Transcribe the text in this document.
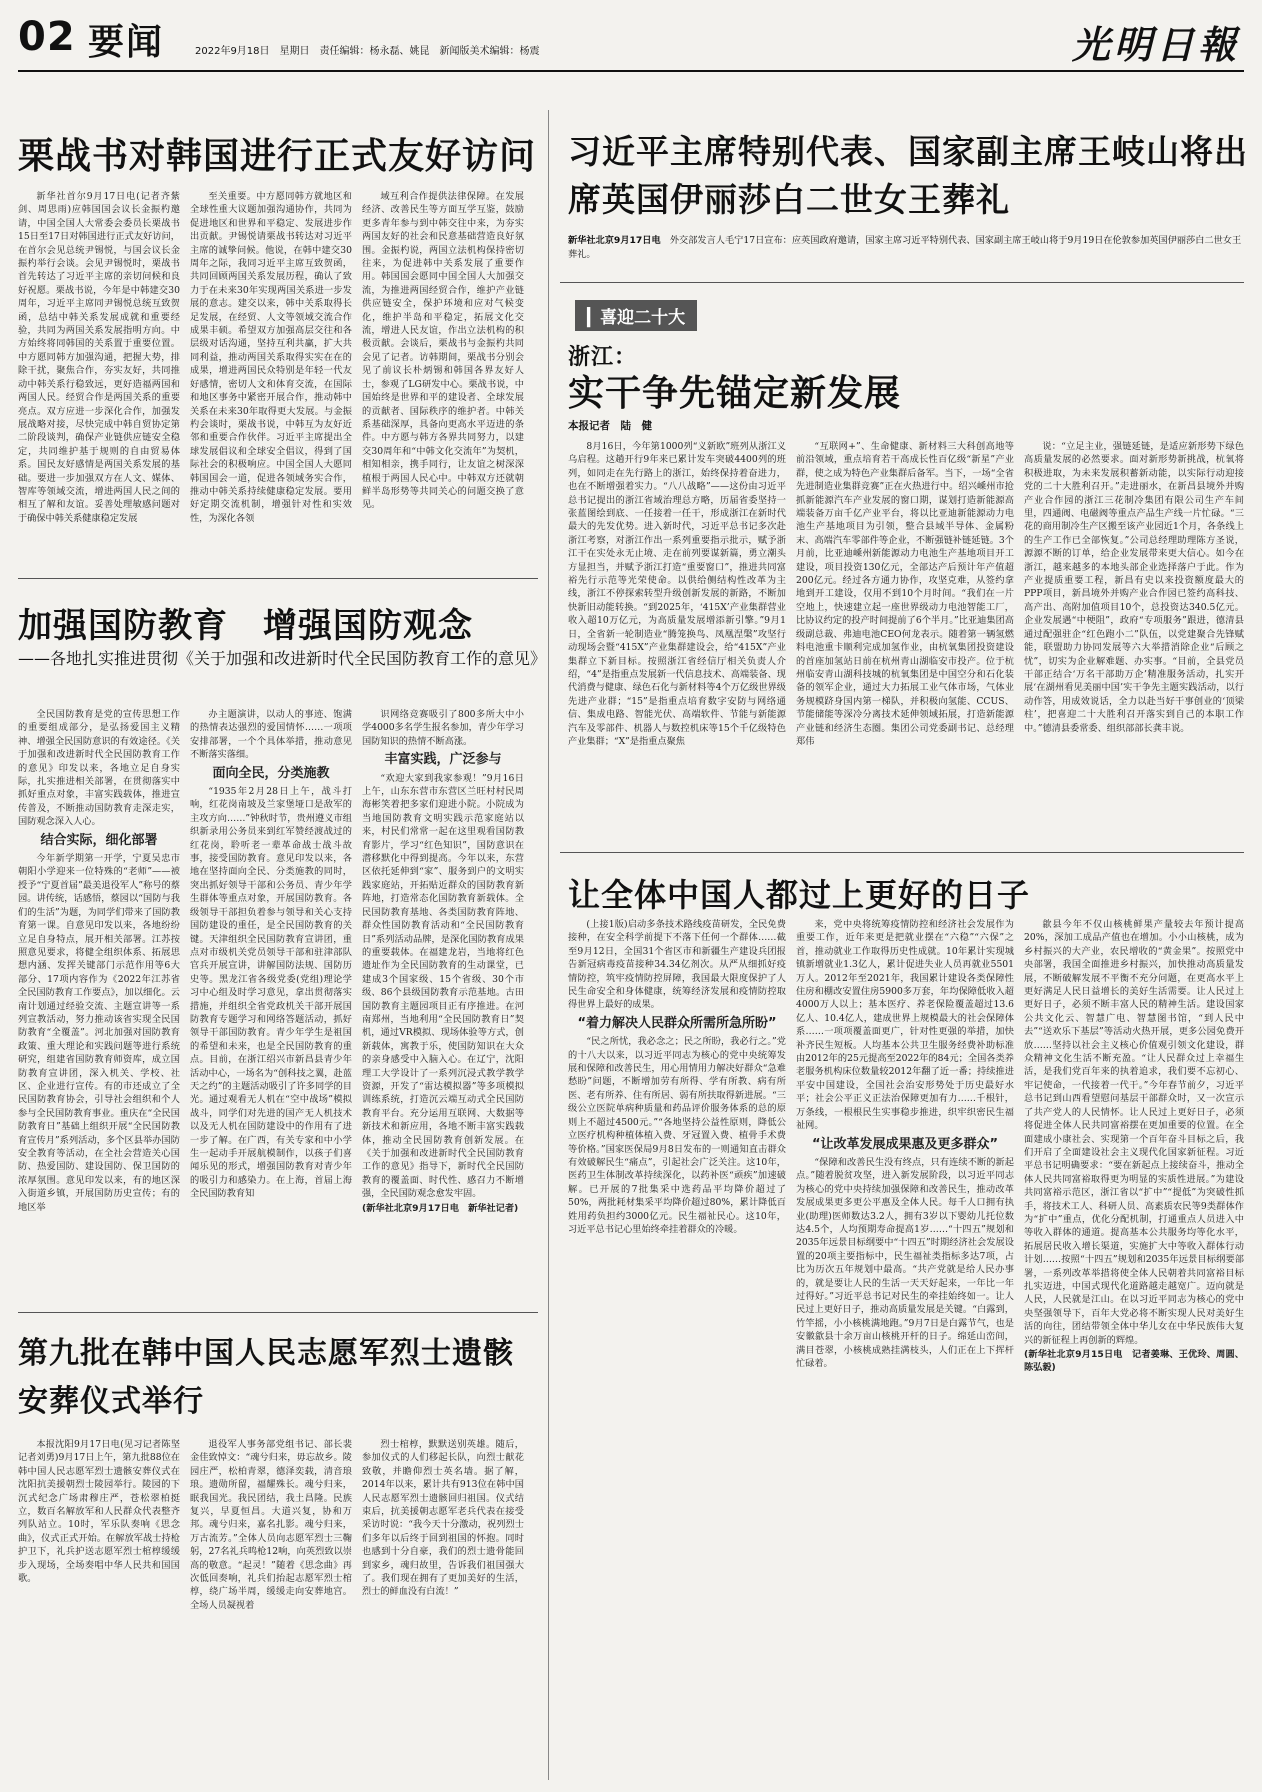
02 要闻	2022年9月18日　星期日　责任编辑：杨永磊、姚昆　新闻版美术编辑：杨震	光明日報
栗战书对韩国进行正式友好访问

新华社首尔9月17日电(记者齐紫剑、周思雨)应韩国国会议长金振杓邀请，中国全国人大常委会委员长栗战书15日至17日对韩国进行正式友好访问，在首尔会见总统尹锡悦，与国会议长金振杓举行会谈。会见尹锡悦时，栗战书首先转达了习近平主席的亲切问候和良好祝愿。栗战书说，今年是中韩建交30周年，习近平主席同尹锡悦总统互致贺函，总结中韩关系发展成就和重要经验，共同为两国关系发展指明方向。中方始终将同韩国的关系置于重要位置。中方愿同韩方加强沟通，把握大势，排除干扰，聚焦合作，夯实友好，共同推动中韩关系行稳致远，更好造福两国和两国人民。经贸合作是两国关系的重要亮点。双方应进一步深化合作，加强发展战略对接，尽快完成中韩自贸协定第二阶段谈判，确保产业链供应链安全稳定，共同维护基于规则的自由贸易体系。国民友好感情是两国关系发展的基础。要进一步加强双方在人文、媒体、智库等领域交流，增进两国人民之间的相互了解和友谊。妥善处理敏感问题对于确保中韩关系健康稳定发展

至关重要。中方愿同韩方就地区和全球性重大议题加强沟通协作，共同为促进地区和世界和平稳定、发展进步作出贡献。尹锡悦请栗战书转达对习近平主席的诚挚问候。他说，在韩中建交30周年之际，我同习近平主席互致贺函，共同回顾两国关系发展历程，确认了致力于在未来30年实现两国关系进一步发展的意志。建交以来，韩中关系取得长足发展，在经贸、人文等领域交流合作成果丰硕。希望双方加强高层交往和各层级对话沟通，坚持互利共赢，扩大共同利益，推动两国关系取得实实在在的成果，增进两国民众特别是年轻一代友好感情，密切人文和体育交流，在国际和地区事务中紧密开展合作，推动韩中关系在未来30年取得更大发展。与金振杓会谈时，栗战书说，中韩互为友好近邻和重要合作伙伴。习近平主席提出全球发展倡议和全球安全倡议，得到了国际社会的积极响应。中国全国人大愿同韩国国会一道，促进各领域务实合作，推动中韩关系持续健康稳定发展。要用好定期交流机制，增强针对性和实效性，为深化各领

域互利合作提供法律保障。在发展经济、改善民生等方面互学互鉴，鼓励更多青年参与到中韩交往中来，为夯实两国友好的社会和民意基础营造良好氛围。金振杓说，两国立法机构保持密切往来，为促进韩中关系发展了重要作用。韩国国会愿同中国全国人大加强交流，为推进两国经贸合作，维护产业链供应链安全，保护环境和应对气候变化，维护半岛和平稳定，拓展文化交流，增进人民友谊，作出立法机构的积极贡献。会谈后，栗战书与金振杓共同会见了记者。访韩期间，栗战书分别会见了前议长朴炳锡和韩国各界友好人士，参观了LG研发中心。栗战书说，中国始终是世界和平的建设者、全球发展的贡献者、国际秩序的维护者。中韩关系基础深厚，具备向更高水平迈进的条件。中方愿与韩方各界共同努力，以建交30周年和“中韩文化交流年”为契机，相知相亲，携手同行，让友谊之树深深植根于两国人民心中。中韩双方还就朝鲜半岛形势等共同关心的问题交换了意见。

习近平主席特别代表、国家副主席王岐山将出席英国伊丽莎白二世女王葬礼
新华社北京9月17日电　 外交部发言人毛宁17日宣布：应英国政府邀请，国家主席习近平特别代表、国家副主席王岐山将于9月19日在伦敦参加英国伊丽莎白二世女王葬礼。
▎喜迎二十大
浙江：
实干争先锚定新发展
本报记者　陆　健

8月16日，今年第1000列“义新欧”班列从浙江义乌启程。这趟开行9年来已累计发车突破4400列的班列，如同走在先行路上的浙江，始终保持着奋进力，也在不断增强着实力。“八八战略”——这份由习近平总书记提出的浙江省域治理总方略，历届省委坚持一张蓝图绘到底、一任接着一任干，形成浙江在新时代最大的先发优势。进入新时代，习近平总书记多次赴浙江考察，对浙江作出一系列重要指示批示，赋予浙江干在实处永无止境、走在前列要谋新篇，勇立潮头方显担当，并赋予浙江打造“重要窗口”，推进共同富裕先行示范等光荣使命。以供给侧结构性改革为主线，浙江不停探索转型升级创新发展的新路，不断加快新旧动能转换。“到2025年，‘415X’产业集群营业收入超10万亿元，为高质量发展增添新引擎。”9月1日，全省新一轮制造业“腾笼换鸟、凤凰涅槃”攻坚行动现场会暨“415X”产业集群建设会，给“415X”产业集群立下新目标。按照浙江省经信厅相关负责人介绍，“4”是指重点发展新一代信息技术、高端装备、现代消费与健康、绿色石化与新材料等4个万亿级世界级先进产业群；“15”是指重点培育数字安防与网络通信、集成电路、智能光伏、高端软件、节能与新能源汽车及零部件、机器人与数控机床等15个千亿级特色产业集群；“X”是指重点聚焦

“互联网+”、生命健康、新材料三大科创高地等前沿领域，重点培育若干高成长性百亿级“新星”产业群，使之成为特色产业集群后备军。当下，一场“全省先进制造业集群竞赛”正在火热进行中。绍兴嵊州市抢抓新能源汽车产业发展的窗口期，谋划打造新能源高端装备万亩千亿产业平台，将以比亚迪新能源动力电池生产基地项目为引领，整合县域半导体、金属粉末、高端汽车零部件等企业，不断强链补链延链。3个月前，比亚迪嵊州新能源动力电池生产基地项目开工建设，项目投资130亿元，全部达产后预计年产值超200亿元。经过各方通力协作，攻坚克难，从签约拿地到开工建设，仅用不到10个月时间。“我们在一片空地上，快速建立起一座世界级动力电池智能工厂，比协议约定的投产时间提前了6个半月。”比亚迪集团高级副总裁、弗迪电池CEO何龙表示。随着第一辆氢燃料电池重卡顺利完成加氢作业，由杭氧集团投资建设的首座加氢站日前在杭州青山湖临安市投产。位于杭州临安青山湖科技城的杭氧集团是中国空分和石化装备的领军企业，通过大力拓展工业气体市场，气体业务规模跻身国内第一梯队，并积极向氢能、CCUS、节能储能等深冷分离技术延伸领域拓展，打造新能源产业链和经济生态圈。集团公司党委副书记、总经理郑伟

说：“立足主业，强链延链，是适应新形势下绿色高质量发展的必然要求。面对新形势新挑战，杭氧将积极进取，为未来发展积蓄新动能，以实际行动迎接党的二十大胜利召开。”走进丽水，在新昌县境外并购产业合作园的浙江三花制冷集团有限公司生产车间里，四通阀、电磁阀等重点产品生产线一片忙碌。“三花的商用制冷生产区搬至该产业园近1个月，各条线上的生产工作已全部恢复。”公司总经理助理陈方圣说，源源不断的订单，给企业发展带来更大信心。如今在浙江，越来越多的本地头部企业选择落户于此。作为产业提质重要工程，新昌有史以来投资额度最大的PPP项目，新昌境外并购产业合作园已签约高科技、高产出、高附加值项目10个，总投资达340.5亿元。企业发展遇“中梗阻”，政府“专项服务”跟进，德清县通过配强驻企“红色跑小二”队伍，以党建聚合先锋赋能，联盟助力协同发展等六大举措消除企业“后顾之忧”，切实为企业解难题、办实事。“目前，全县党员干部正结合‘万名干部助万企’精准服务活动，扎实开展‘在湖州看见美丽中国’实干争先主题实践活动，以行动作答，用成效说话，全力以赴当好干事创业的‘顶梁柱’，把喜迎二十大胜利召开落实到自己的本职工作中。”德清县委常委、组织部部长龚丰说。

加强国防教育　增强国防观念
——各地扎实推进贯彻《关于加强和改进新时代全民国防教育工作的意见》

全民国防教育是党的宣传思想工作的重要组成部分，是弘扬爱国主义精神、增强全民国防意识的有效途径。《关于加强和改进新时代全民国防教育工作的意见》印发以来，各地立足自身实际，扎实推进相关部署，在贯彻落实中抓好重点对象，丰富实践载体，推进宣传普及，不断推动国防教育走深走实，国防观念深入人心。

结合实际，细化部署

今年新学期第一开学，宁夏吴忠市朝阳小学迎来一位特殊的“老师”——被授予“宁夏首届”最美退役军人”称号的蔡园。讲传统，话感悟，蔡园以“国防与我们的生活”为题，为同学们带来了国防教育第一课。自意见印发以来，各地纷纷立足自身特点，展开相关部署。江苏按照意见要求，将健全组织体系、拓展思想内涵、发挥关键部门示范作用等6大部分、17项内容作为《2022年江苏省全民国防教育工作要点》，加以细化。云南计划通过经验交流、主题宣讲等一系列宣教活动，努力推动该省实现全民国防教育“全覆盖”。河北加强对国防教育政策、重大理论和实践问题等进行系统研究，组建省国防教育师资库，成立国防教育宣讲团，深入机关、学校、社区、企业进行宣传。有的市还成立了全民国防教育协会，引导社会组织和个人参与全民国防教育事业。重庆在“全民国防教育日”基础上组织开展“全民国防教育宣传月”系列活动，多个区县举办国防安全教育等活动，在全社会营造关心国防、热爱国防、建设国防、保卫国防的浓厚氛围。意见印发以来，有的地区深入街道乡镇，开展国防历史宣传；有的地区举

办主题演讲，以动人的事迹、饱满的热情表达强烈的爱国情怀……一项项安排部署，一个个具体举措，推动意见不断落实落细。

面向全民，分类施教

“1935年2月28日上午，战斗打响，红花岗南坡及兰家堡垭口是敌军的主攻方向……”钟秋时节，贵州遵义市组织新录用公务员来到红军赞经渡战过的红花岗，聆听老一辈革命战士战斗故事，接受国防教育。意见印发以来，各地在坚持面向全民、分类施教的同时，突出抓好领导干部和公务员、青少年学生群体等重点对象，开展国防教育。各级领导干部担负着参与领导和关心支持国防建设的重任，是全民国防教育的关键。天津组织全民国防教育宣讲团，重点对市级机关党员领导干部和驻津部队官兵开展宣讲，讲解国防法规、国防历史等。黑龙江省各级党委(党组)理论学习中心组及时学习意见，拿出贯彻落实措施，并组织全省党政机关干部开展国防教育专题学习和网络答题活动，抓好领导干部国防教育。青少年学生是祖国的希望和未来，也是全民国防教育的重点。目前，在浙江绍兴市新昌县青少年活动中心，一场名为“创科技之翼，赴蓝天之约”的主题活动吸引了许多同学的目光。通过观看无人机在“空中战场”模拟战斗，同学们对先进的国产无人机技术以及无人机在国防建设中的作用有了进一步了解。在广西，有关专家和中小学生一起动手开展航模制作，以孩子们喜闻乐见的形式，增强国防教育对青少年的吸引力和感染力。在上海，首届上海全民国防教育知

识网络竞赛吸引了800多所大中小学4000多名学生报名参加，青少年学习国防知识的热情不断高涨。

丰富实践，广泛参与

“欢迎大家到我家参观！”9月16日上午，山东东营市东营区兰旺村村民周海彬笑着把多家们迎进小院。小院成为当地国防教育文明实践示范家庭站以来，村民们常常一起在这里观看国防教育影片，学习“红色知识”，国防意识在潜移默化中得到提高。今年以来，东营区依托延伸到“家”、服务到户的文明实践家庭站，开拓贴近群众的国防教育新阵地，打造常态化国防教育新载体。全民国防教育基地、各类国防教育阵地、群众性国防教育活动和“全民国防教育日”系列活动品牌，是深化国防教育成果的重要载体。在福建龙岩，当地将红色遗址作为全民国防教育的生动课堂，已建成3个国家级、15个省级、30个市级、86个县级国防教育示范基地。古田国防教育主题园项目正有序推进。在河南郑州，当地利用“全民国防教育日”契机，通过VR模拟、现场体验等方式，创新载体，寓教于乐，使国防知识在大众的亲身感受中入脑入心。在辽宁，沈阳理工大学设计了一系列沉浸式教学教学资源，开发了“雷达模拟器”等多项模拟训练系统，打造沉云端互动式全民国防教育平台。充分运用互联网、大数据等新技术和新应用，各地不断丰富实践载体，推动全民国防教育创新发展。在《关于加强和改进新时代全民国防教育工作的意见》指导下，新时代全民国防教育的覆盖面、时代性、感召力不断增强，全民国防观念愈发牢固。

(新华社北京9月17日电　新华社记者)

让全体中国人都过上更好的日子

(上接1版)启动多条技术路线疫苗研发，全民免费接种，在安全科学前提下不落下任何一个群体……截至9月12日，全国31个省区市和新疆生产建设兵团报告新冠病毒疫苗接种34.34亿剂次。从严从细抓好疫情防控，筑牢疫情防控屏障，我国最大限度保护了人民生命安全和身体健康，统筹经济发展和疫情防控取得世界上最好的成果。

“着力解决人民群众所需所急所盼”

“民之所忧，我必念之；民之所盼，我必行之。”党的十八大以来，以习近平同志为核心的党中央统筹发展和保障和改善民生，用心用情用力解决好群众“急难愁盼”问题，不断增加劳有所得、学有所教、病有所医、老有所养、住有所居、弱有所扶取得新进展。“三级公立医院单病种质量和药品评价服务体系的总的原则上不超过4500元。”“各地坚持公益性原则，降低公立医疗机构种植体植入费、牙冠置入费、植骨手术费等价格。”国家医保局9月8日发布的一则通知直击群众有效破解民生“痛点”，引起社会广泛关注。这10年，医药卫生体制改革持续深化，以药补医“顽疾”加速破解。已开展的7批集采中选药品平均降价超过了50%，两批耗材集采平均降价超过80%，累计降低百姓用药负担约3000亿元。民生福祉民心。这10年，习近平总书记心里始终牵挂着群众的冷暖。

来，党中央将统筹疫情防控和经济社会发展作为重要工作，近年来更是把就业摆在“六稳”“六保”之首，推动就业工作取得历史性成就。10年累计实现城镇新增就业1.3亿人，累计促进失业人员再就业5501万人。2012年至2021年，我国累计建设各类保障性住房和棚改安置住房5900多万套，年均保障低收入超4000万人以上；基本医疗、养老保险覆盖超过13.6亿人、10.4亿人，建成世界上规模最大的社会保障体系……一项项覆盖面更广，针对性更强的举措，加快补齐民生短板。人均基本公共卫生服务经费补助标准由2012年的25元提高至2022年的84元；全国各类养老服务机构床位数量较2012年翻了近一番；持续推进平安中国建设，全国社会治安形势处于历史最好水平；社会公平正义正法治保障更加有力……千根针，万条线，一根根民生实事稳步推进，织牢织密民生福祉网。

“让改革发展成果惠及更多群众”

“保障和改善民生没有终点，只有连续不断的新起点。”随着脱贫攻坚，进入新发展阶段，以习近平同志为核心的党中央持续加强保障和改善民生，推动改革发展成果更多更公平惠及全体人民。每千人口拥有执业(助理)医师数达3.2人，拥有3岁以下婴幼儿托位数达4.5个，人均预期寿命提高1岁……“十四五”规划和2035年远景目标纲要中“十四五”时期经济社会发展设置的20项主要指标中，民生福祉类指标多达7项，占比为历次五年规划中最高。“共产党就是给人民办事的，就是要让人民的生活一天天好起来，一年比一年过得好。”习近平总书记对民生的牵挂始终如一。让人民过上更好日子，推动高质量发展是关键。“白露到，竹竿摇，小小核桃满地跑。”9月7日是白露节气，也是安徽歙县十余万亩山核桃开杆的日子。绵延山峦间，满目苍翠，小核桃成熟挂满枝头，人们正在上下挥杆忙碌着。

歙县今年不仅山核桃鲜果产量较去年预计提高20%，深加工成品产值也在增加。小小山核桃，成为乡村振兴的大产业，农民增收的“黄金果”。按照党中央部署，我国全面推进乡村振兴，加快推动高质量发展，不断破解发展不平衡不充分问题，在更高水平上更好满足人民日益增长的美好生活需要。让人民过上更好日子，必须不断丰富人民的精神生活。建设国家公共文化云、智慧广电、智慧图书馆，“到人民中去”“送欢乐下基层”等活动火热开展，更多公园免费开放……坚持以社会主义核心价值观引领文化建设，群众精神文化生活不断充盈。“让人民群众过上幸福生活，是我们党百年来的执着追求，我们要不忘初心、牢记使命，一代接着一代干。”今年春节前夕，习近平总书记到山西看望慰问基层干部群众时，又一次宣示了共产党人的人民情怀。让人民过上更好日子，必须将促进全体人民共同富裕摆在更加重要的位置。在全面建成小康社会、实现第一个百年奋斗目标之后，我们开启了全面建设社会主义现代化国家新征程。习近平总书记明确要求：“要在新起点上接续奋斗，推动全体人民共同富裕取得更为明显的实质性进展。”为建设共同富裕示范区，浙江省以“扩中”“提低”为突破性抓手，将技术工人、科研人员、高素质农民等9类群体作为“扩中”重点，优化分配机制，打通重点人员进入中等收入群体的通道。提高基本公共服务均等化水平，拓展居民收入增长渠道，实施扩大中等收入群体行动计划……按照“十四五”规划和2035年远景目标纲要部署，一系列改革举措将使全体人民朝着共同富裕目标扎实迈进，中国式现代化道路越走越宽广。迈向就是人民，人民就是江山。在以习近平同志为核心的党中央坚强领导下，百年大党必将不断实现人民对美好生活的向往，团结带领全体中华儿女在中华民族伟大复兴的新征程上再创新的辉煌。

(新华社北京9月15日电　记者姜琳、王优玲、周圆、陈弘毅)

第九批在韩中国人民志愿军烈士遗骸安葬仪式举行

本报沈阳9月17日电(见习记者陈坚　记者刘勇)9月17日上午，第九批88位在韩中国人民志愿军烈士遗骸安葬仪式在沈阳抗美援朝烈士陵园举行。陵园的下沉式纪念广场肃穆庄严，苍松翠柏挺立，数百名解放军和人民群众代表整齐列队站立。10时，军乐队奏响《思念曲》，仪式正式开始。在解放军战士持枪护卫下，礼兵护送志愿军烈士棺椁缓缓步入现场，全场奏唱中华人民共和国国歌。

退役军人事务部党组书记、部长裴金佳致悼文：“魂兮归来，毋忘故乡。陵园庄严，松柏青翠，德泽奕载，清音琅琅。遗勋所留，福耀殊长。魂兮归来，眠我国光。我民团结，我土昌隆。民族复兴，早夏恒昌。大道兴复，协和万邦。魂兮归来，嘉名扎影。魂兮归来，万古流芳。”全体人员向志愿军烈士三鞠躬，27名礼兵鸣枪12响，向英烈致以崇高的敬意。“起灵！”随着《思念曲》再次低回奏响，礼兵们抬起志愿军烈士棺椁，绕广场半周，缓缓走向安葬地宫。全场人员凝视着

烈士棺椁，默默送别英雄。随后，参加仪式的人们移起长队，向烈士献花致敬，并瞻仰烈士英名墙。据了解，2014年以来，累计共有913位在韩中国人民志愿军烈士遗骸回归祖国。仪式结束后，抗美援朝志愿军老兵代表在接受采访时说：“我今天十分激动，祝列烈士们多年以后终于回到祖国的怀抱。同时也感到十分自豪，我们的烈士遗骨能回到家乡，魂归故里，告诉我们祖国强大了。我们现在拥有了更加美好的生活，烈士的鲜血没有白流！”
